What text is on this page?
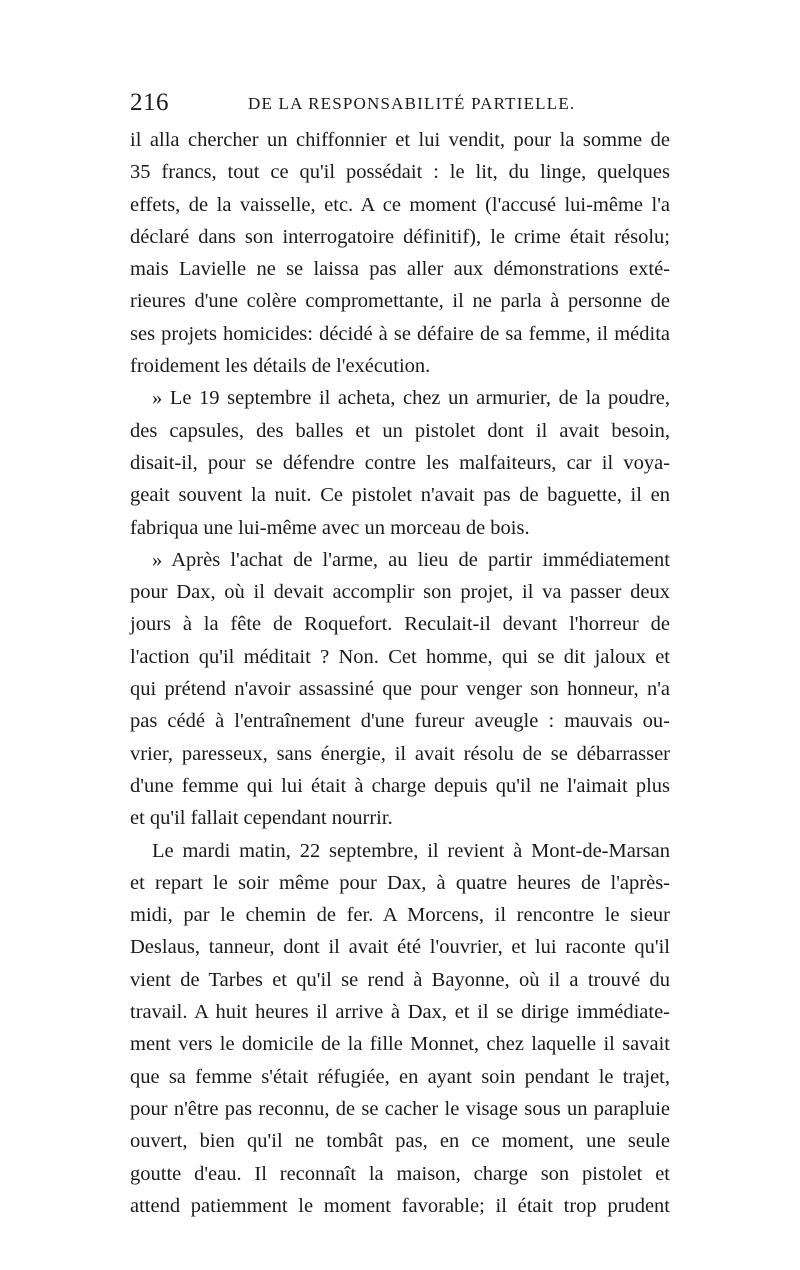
216	DE LA RESPONSABILITÉ PARTIELLE.
il alla chercher un chiffonnier et lui vendit, pour la somme de
35 francs, tout ce qu'il possédait : le lit, du linge, quelques
effets, de la vaisselle, etc. A ce moment (l'accusé lui-même l'a
déclaré dans son interrogatoire définitif), le crime était résolu;
mais Lavielle ne se laissa pas aller aux démonstrations exté-
rieures d'une colère compromettante, il ne parla à personne de
ses projets homicides: décidé à se défaire de sa femme, il médita
froidement les détails de l'exécution.
» Le 19 septembre il acheta, chez un armurier, de la poudre,
des capsules, des balles et un pistolet dont il avait besoin,
disait-il, pour se défendre contre les malfaiteurs, car il voya-
geait souvent la nuit. Ce pistolet n'avait pas de baguette, il en
fabriqua une lui-même avec un morceau de bois.
» Après l'achat de l'arme, au lieu de partir immédiatement
pour Dax, où il devait accomplir son projet, il va passer deux
jours à la fête de Roquefort. Reculait-il devant l'horreur de
l'action qu'il méditait ? Non. Cet homme, qui se dit jaloux et
qui prétend n'avoir assassiné que pour venger son honneur, n'a
pas cédé à l'entraînement d'une fureur aveugle : mauvais ou-
vrier, paresseux, sans énergie, il avait résolu de se débarrasser
d'une femme qui lui était à charge depuis qu'il ne l'aimait plus
et qu'il fallait cependant nourrir.
Le mardi matin, 22 septembre, il revient à Mont-de-Marsan
et repart le soir même pour Dax, à quatre heures de l'après-
midi, par le chemin de fer. A Morcens, il rencontre le sieur
Deslaus, tanneur, dont il avait été l'ouvrier, et lui raconte qu'il
vient de Tarbes et qu'il se rend à Bayonne, où il a trouvé du
travail. A huit heures il arrive à Dax, et il se dirige immédiate-
ment vers le domicile de la fille Monnet, chez laquelle il savait
que sa femme s'était réfugiée, en ayant soin pendant le trajet,
pour n'être pas reconnu, de se cacher le visage sous un parapluie
ouvert, bien qu'il ne tombât pas, en ce moment, une seule
goutte d'eau. Il reconnaît la maison, charge son pistolet et
attend patiemment le moment favorable; il était trop prudent
